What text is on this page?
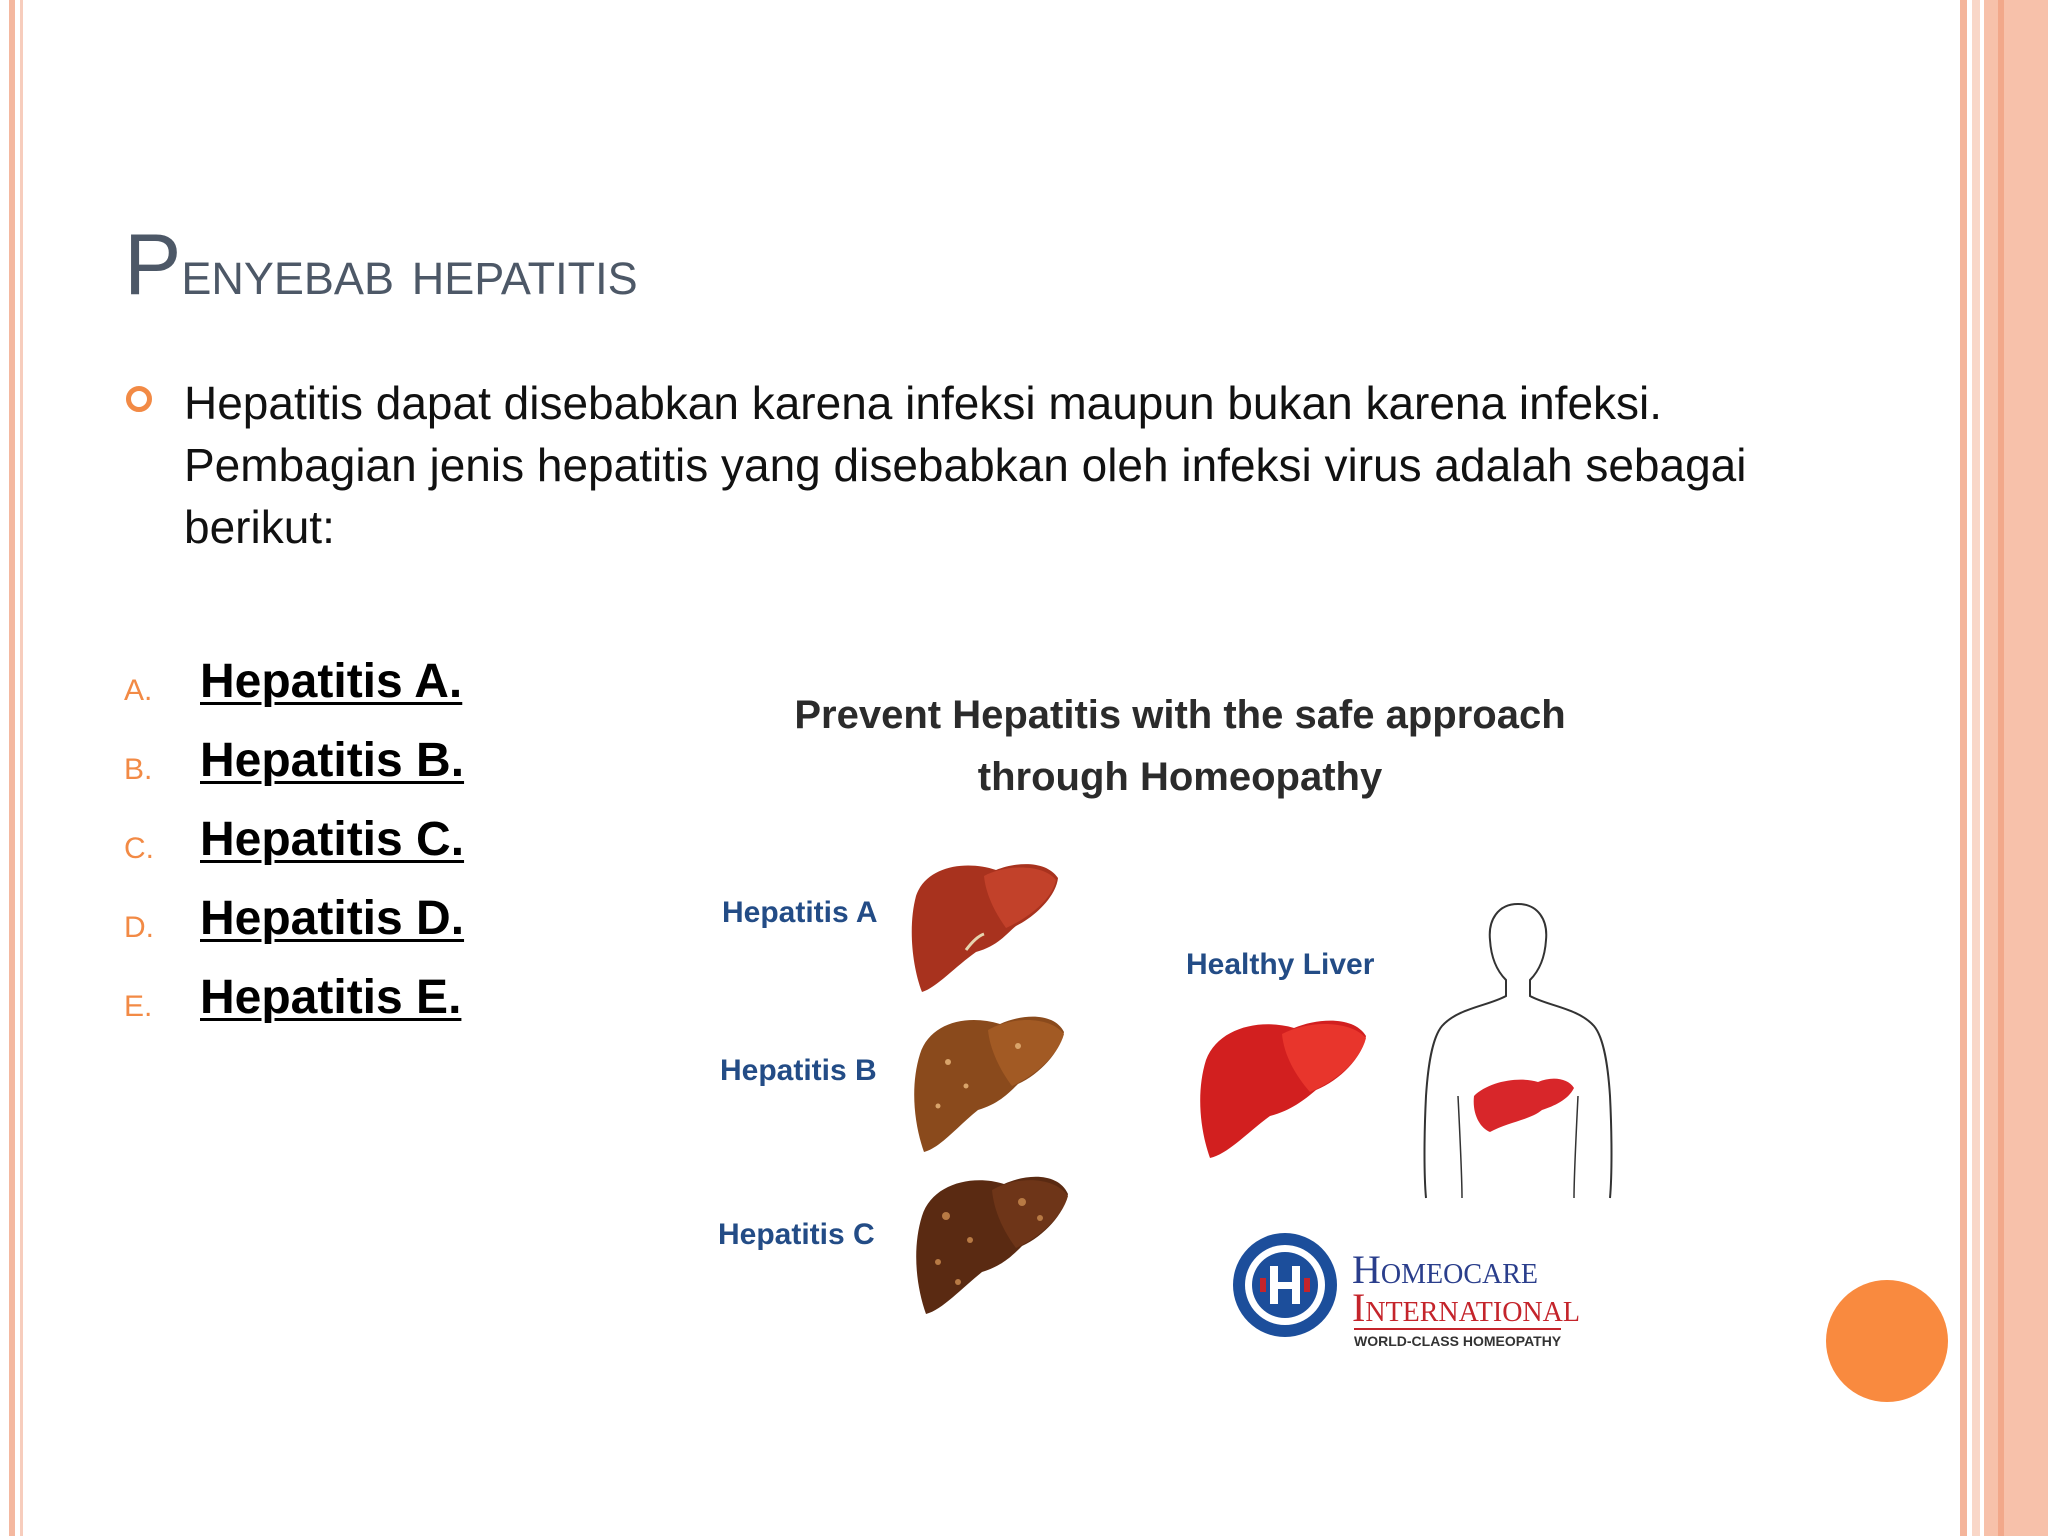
Penyebab hepatitis
Hepatitis dapat disebabkan karena infeksi maupun bukan karena infeksi. Pembagian jenis hepatitis yang disebabkan oleh infeksi virus adalah sebagai berikut:
A. Hepatitis A.
B. Hepatitis B.
C. Hepatitis C.
D. Hepatitis D.
E. Hepatitis E.
Prevent Hepatitis with the safe approach
through Homeopathy
Hepatitis A
Hepatitis B
Hepatitis C
Healthy Liver
Homeocare
International
WORLD-CLASS HOMEOPATHY
